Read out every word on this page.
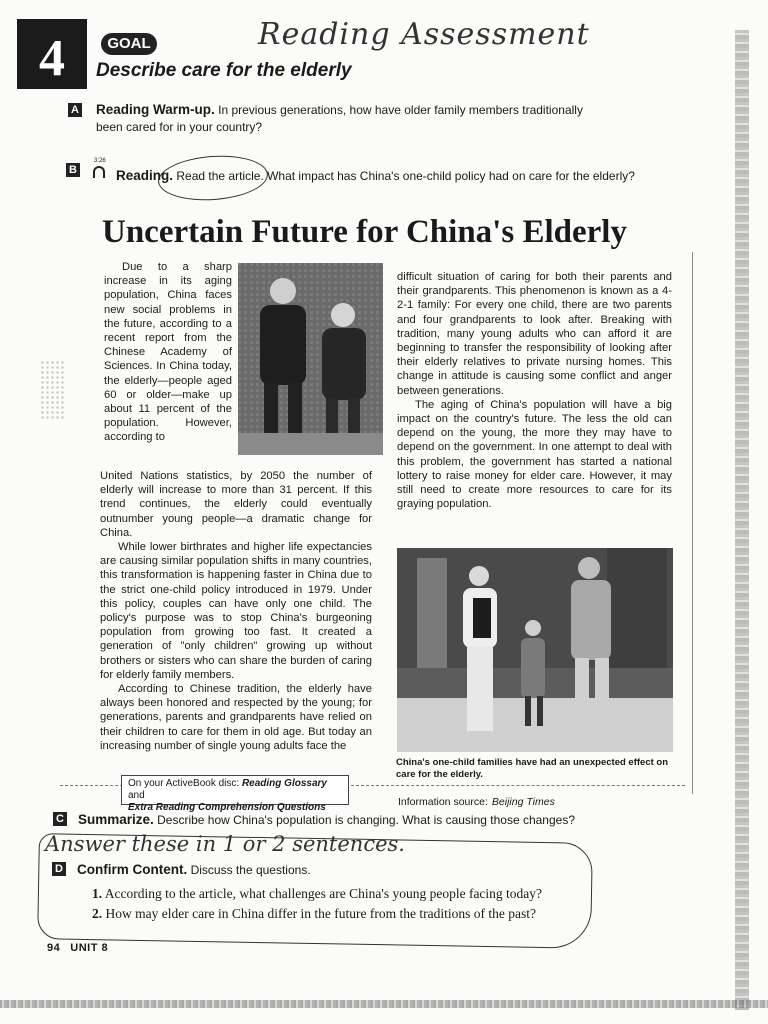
4	GOAL	Reading Assessment
Describe care for the elderly
A Reading Warm-up. In previous generations, how have older family members traditionally
been cared for in your country?
B
3:26
Reading. Read the article. What impact has China's one-child policy had on care for the elderly?
Uncertain Future for China's Elderly

Due to a sharp increase in its aging population, China faces new social problems in the future, according to a recent report from the Chinese Academy of Sciences. In China today, the elderly—people aged 60 or older—make up about 11 percent of the population. However, according to

United Nations statistics, by 2050 the number of elderly will increase to more than 31 percent. If this trend continues, the elderly could eventually outnumber young people—a dramatic change for China.

While lower birthrates and higher life expectancies are causing similar population shifts in many countries, this transformation is happening faster in China due to the strict one-child policy introduced in 1979. Under this policy, couples can have only one child. The policy's purpose was to stop China's burgeoning population from growing too fast. It created a generation of "only children" growing up without brothers or sisters who can share the burden of caring for elderly family members.

According to Chinese tradition, the elderly have always been honored and respected by the young; for generations, parents and grandparents have relied on their children to care for them in old age. But today an increasing number of single young adults face the

difficult situation of caring for both their parents and their grandparents. This phenomenon is known as a 4-2-1 family: For every one child, there are two parents and four grandparents to look after. Breaking with tradition, many young adults who can afford it are beginning to transfer the responsibility of looking after their elderly relatives to private nursing homes. This change in attitude is causing some conflict and anger between generations.

The aging of China's population will have a big impact on the country's future. The less the old can depend on the young, the more they may have to depend on the government. In one attempt to deal with this problem, the government has started a national lottery to raise money for elder care. However, it may still need to create more resources to care for its graying population.

China's one-child families have had an unexpected effect on care for the elderly.
On your ActiveBook disc: Reading Glossary and
Extra Reading Comprehension Questions	Information source: Beijing Times
C Summarize. Describe how China's population is changing. What is causing those changes?
Answer these in 1 or 2 sentences.
D Confirm Content. Discuss the questions.
1. According to the article, what challenges are China's young people facing today?
2. How may elder care in China differ in the future from the traditions of the past?
94 UNIT 8
